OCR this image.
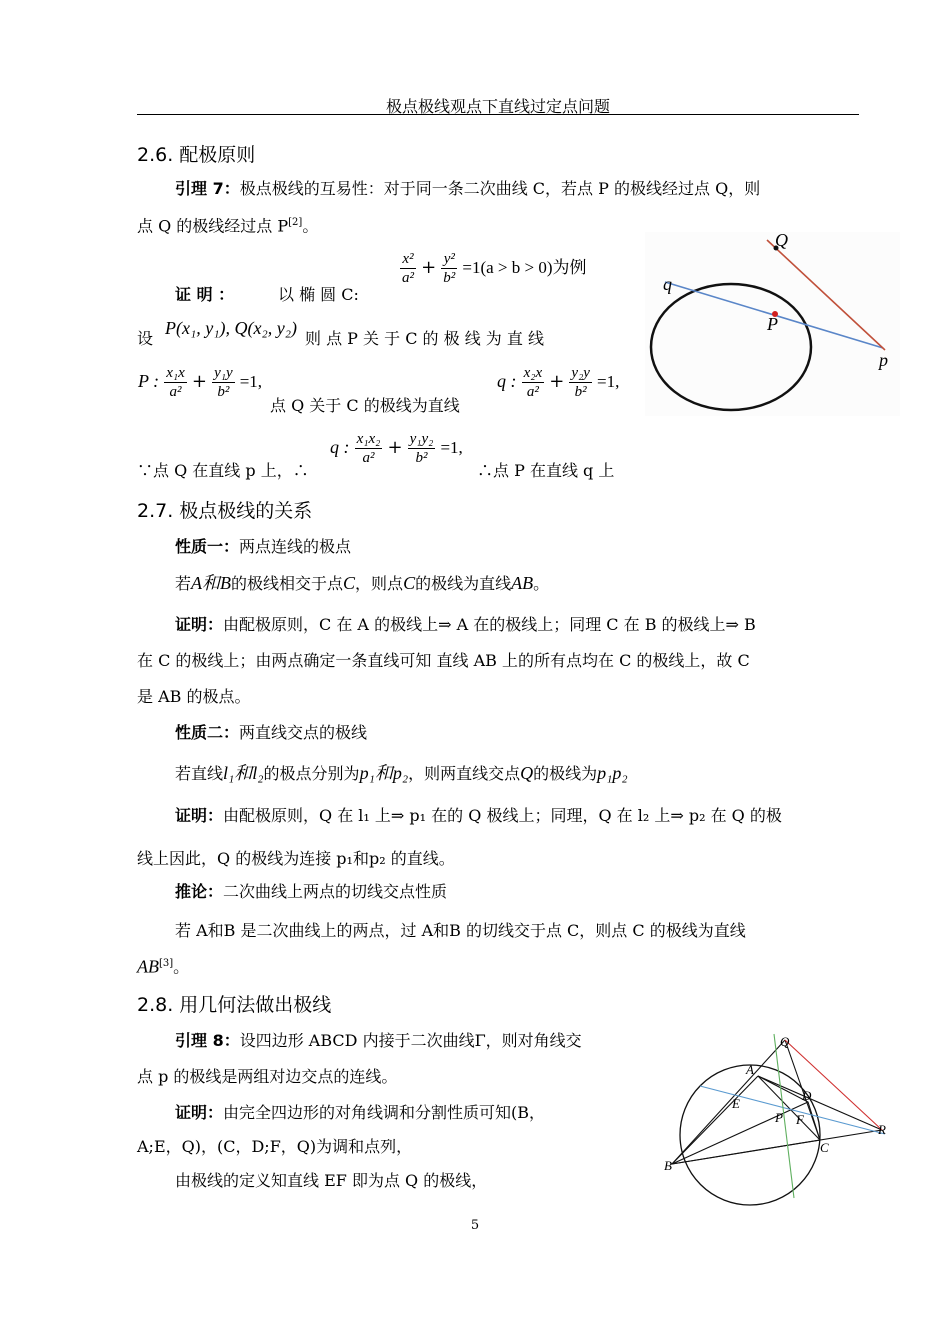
极点极线观点下直线过定点问题
2.6. 配极原则
引理 7：极点极线的互易性：对于同一条二次曲线 C，若点 P 的极线经过点 Q，则
点 Q 的极线经过点 P[2]。
证 明 ：	以 椭 圆 C:
$\frac{\text{x²}}{\text{a²}} + \frac{\text{y²}}{\text{b²}} =1(a > b > 0)$为例
设
P(x₁, y₁), Q(x₂, y₂)
则 点 P 关 于 C 的 极 线 为 直 线
P : $\frac{\text{x₁x}}{\text{a²}} + \frac{\text{y₁y}}{\text{b²}} =1$,
点 Q 关于 C 的极线为直线
q : $\frac{\text{x₂x}}{\text{a²}} + \frac{\text{y₂y}}{\text{b²}} =1$,
∵点 Q 在直线 p 上，∴
q : $\frac{\text{x₁x₂}}{\text{a²}} + \frac{\text{y₁y₂}}{\text{b²}} =1$,
∴点 P 在直线 q 上
Q
q
P
p
2.7. 极点极线的关系
性质一：两点连线的极点
若A和B的极线相交于点C，则点C的极线为直线AB。
证明：由配极原则，C 在 A 的极线上⇒ A 在的极线上；同理 C 在 B 的极线上⇒ B
在 C 的极线上；由两点确定一条直线可知 直线 AB 上的所有点均在 C 的极线上，故 C
是 AB 的极点。
性质二：两直线交点的极线
若直线l₁和l₂的极点分别为p₁和p₂，则两直线交点Q的极线为p₁p₂
证明：由配极原则，Q 在 l₁ 上⇒ p₁ 在的 Q 极线上；同理，Q 在 l₂ 上⇒ p₂ 在 Q 的极
线上因此，Q 的极线为连接 p₁和p₂ 的直线。
推论：二次曲线上两点的切线交点性质
若 A和B 是二次曲线上的两点，过 A和B 的切线交于点 C，则点 C 的极线为直线
AB[3]。
2.8. 用几何法做出极线
引理 8：设四边形 ABCD 内接于二次曲线Γ，则对角线交
点 p 的极线是两组对边交点的连线。
证明：由完全四边形的对角线调和分割性质可知(B，
A;E，Q)，(C，D;F，Q)为调和点列，
由极线的定义知直线 EF 即为点 Q 的极线，
Q
A
D
E
P F
R
B
C
5
